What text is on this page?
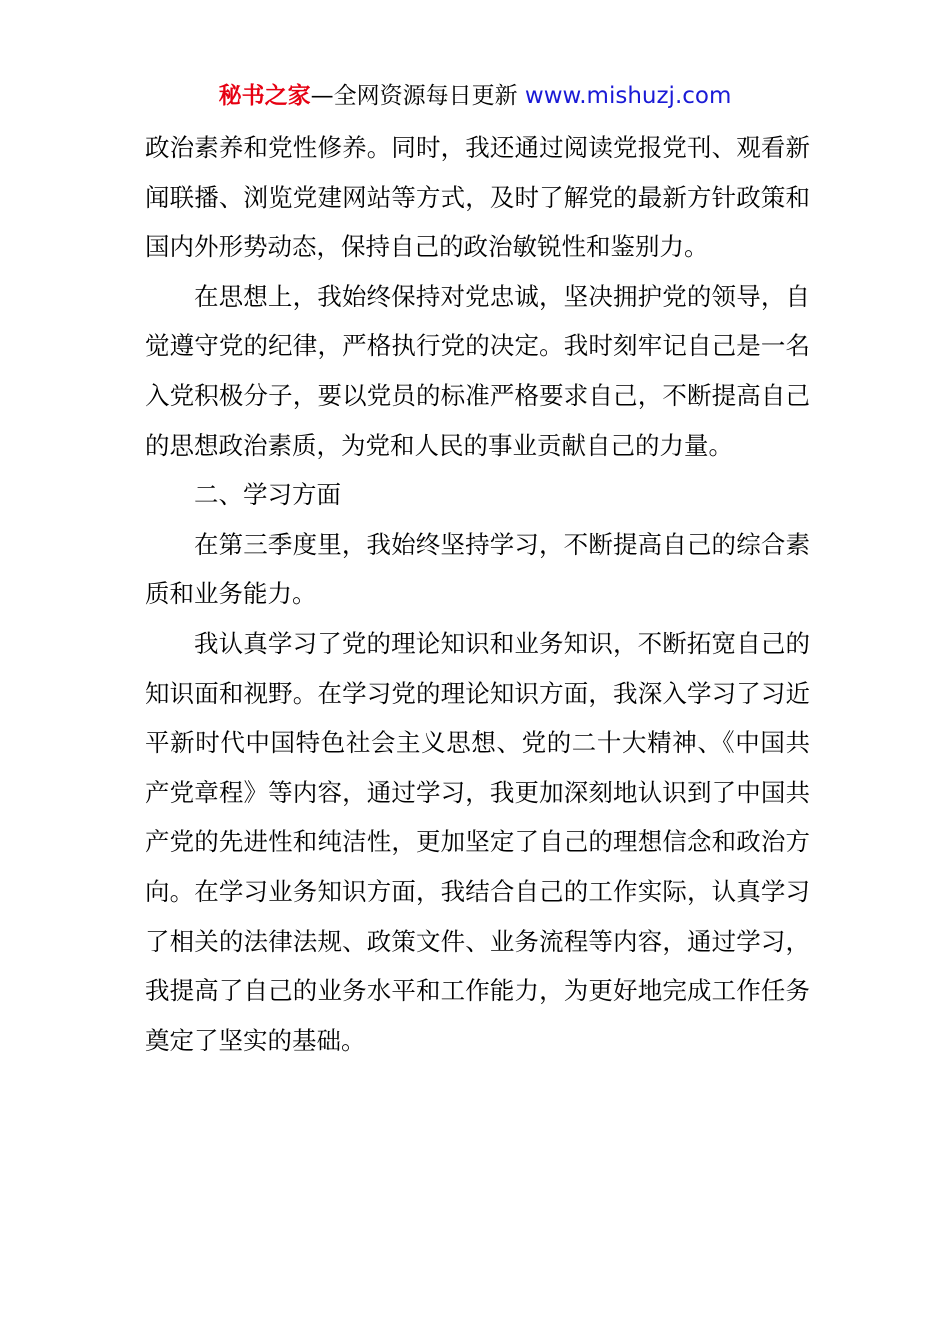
秘书之家—全网资源每日更新 www.mishuzj.com

政治素养和党性修养。同时，我还通过阅读党报党刊、观看新闻联播、浏览党建网站等方式，及时了解党的最新方针政策和国内外形势动态，保持自己的政治敏锐性和鉴别力。

在思想上，我始终保持对党忠诚，坚决拥护党的领导，自觉遵守党的纪律，严格执行党的决定。我时刻牢记自己是一名入党积极分子，要以党员的标准严格要求自己，不断提高自己的思想政治素质，为党和人民的事业贡献自己的力量。

二、学习方面

在第三季度里，我始终坚持学习，不断提高自己的综合素质和业务能力。

我认真学习了党的理论知识和业务知识，不断拓宽自己的知识面和视野。在学习党的理论知识方面，我深入学习了习近平新时代中国特色社会主义思想、党的二十大精神、《中国共产党章程》等内容，通过学习，我更加深刻地认识到了中国共产党的先进性和纯洁性，更加坚定了自己的理想信念和政治方向。在学习业务知识方面，我结合自己的工作实际，认真学习了相关的法律法规、政策文件、业务流程等内容，通过学习，我提高了自己的业务水平和工作能力，为更好地完成工作任务奠定了坚实的基础。
